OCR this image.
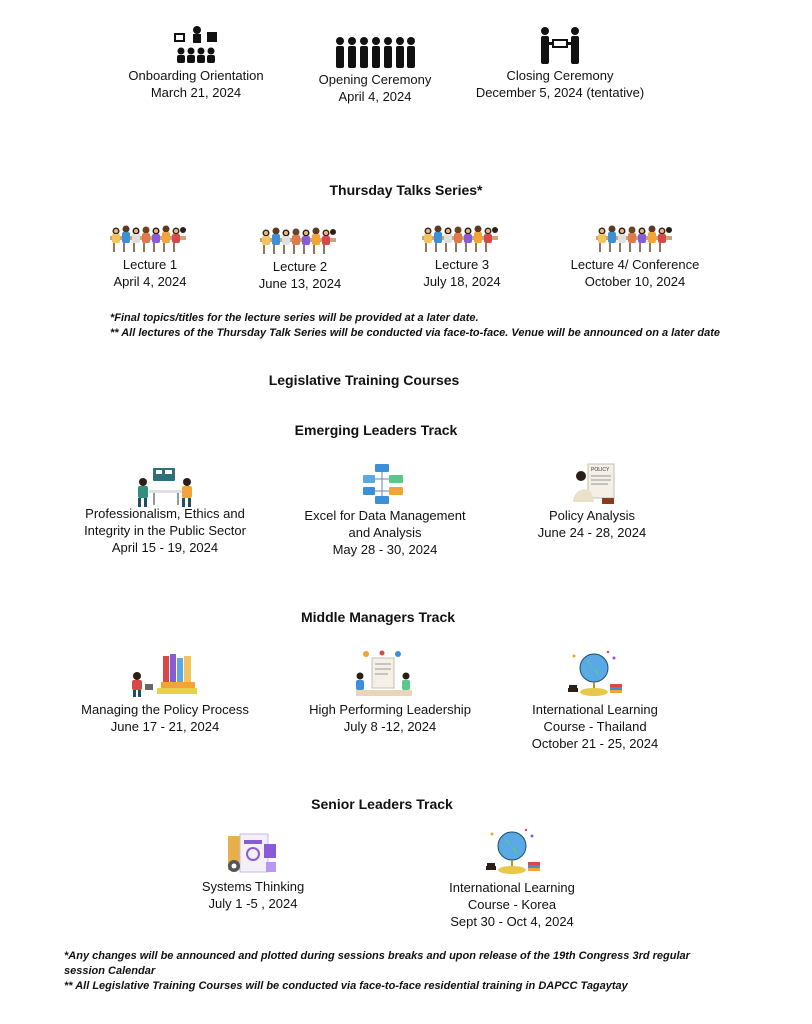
Onboarding Orientation
March 21, 2024
Opening Ceremony
April 4, 2024
Closing Ceremony
December 5, 2024 (tentative)
Thursday Talks Series*
Lecture 1
April 4, 2024
Lecture 2
June 13, 2024
Lecture 3
July 18, 2024
Lecture 4/ Conference
October 10, 2024
*Final topics/titles for the lecture series will be provided at a later date.
** All lectures of the Thursday Talk Series will be conducted via face-to-face. Venue will be announced on a later date
Legislative Training Courses
Emerging Leaders Track
Professionalism, Ethics and
Integrity in the Public Sector
April 15 - 19, 2024
Excel for Data Management
and Analysis
May 28 - 30, 2024
POLICY
Policy Analysis
June 24 - 28, 2024
Middle Managers Track
Managing the Policy Process
June 17 - 21, 2024
High Performing Leadership
July 8 -12, 2024
International Learning
Course - Thailand
October 21 - 25, 2024
Senior Leaders Track
Systems Thinking
July 1 -5 , 2024
International Learning
Course - Korea
Sept 30 - Oct 4, 2024
*Any changes will be announced and plotted during sessions breaks and upon release of the 19th Congress 3rd regular
session Calendar
** All Legislative Training Courses will be conducted via face-to-face residential training in DAPCC Tagaytay
